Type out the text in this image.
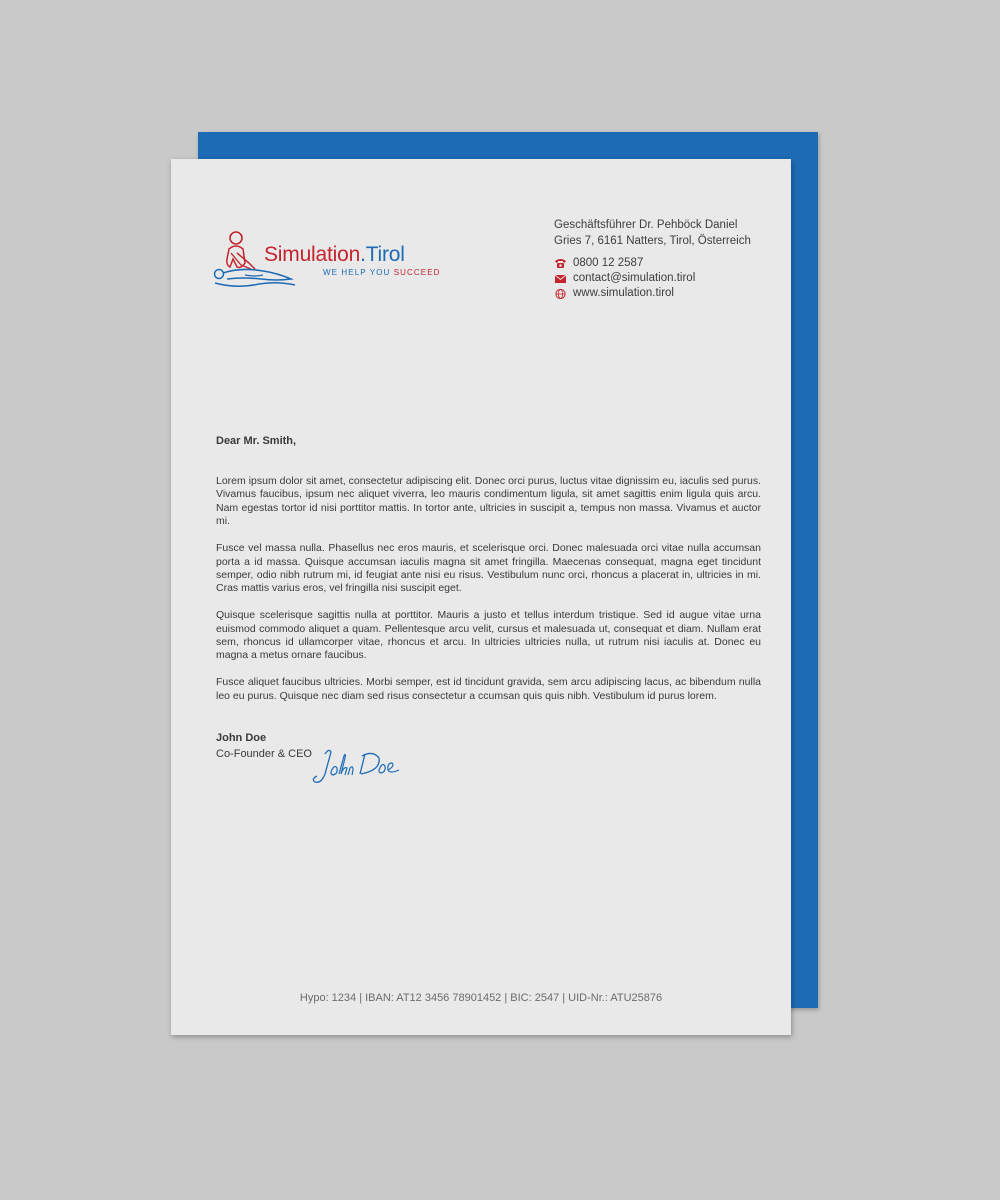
Simulation.Tirol
WE HELP YOU SUCCEED
Geschäftsführer Dr. Pehböck Daniel
Gries 7, 6161 Natters, Tirol, Österreich
0800 12 2587
contact@simulation.tirol
www.simulation.tirol
Dear Mr. Smith,

Lorem ipsum dolor sit amet, consectetur adipiscing elit. Donec orci purus, luctus vitae dignissim eu, iaculis sed purus. Vivamus faucibus, ipsum nec aliquet viverra, leo mauris condimentum ligula, sit amet sagittis enim ligula quis arcu. Nam egestas tortor id nisi porttitor mattis. In tortor ante, ultricies in suscipit a, tempus non massa. Vivamus et auctor mi.

Fusce vel massa nulla. Phasellus nec eros mauris, et scelerisque orci. Donec malesuada orci vitae nulla accumsan porta a id massa. Quisque accumsan iaculis magna sit amet fringilla. Maecenas consequat, magna eget tincidunt semper, odio nibh rutrum mi, id feugiat ante nisi eu risus. Vestibulum nunc orci, rhoncus a placerat in, ultricies in mi. Cras mattis varius eros, vel fringilla nisi suscipit eget.

Quisque scelerisque sagittis nulla at porttitor. Mauris a justo et tellus interdum tristique. Sed id augue vitae urna euismod commodo aliquet a quam. Pellentesque arcu velit, cursus et malesuada ut, consequat et diam. Nullam erat sem, rhoncus id ullamcorper vitae, rhoncus et arcu. In ultricies ultricies nulla, ut rutrum nisi iaculis at. Donec eu magna a metus ornare faucibus.

Fusce aliquet faucibus ultricies. Morbi semper, est id tincidunt gravida, sem arcu adipiscing lacus, ac bibendum nulla leo eu purus. Quisque nec diam sed risus consectetur a ccumsan quis quis nibh. Vestibulum id purus lorem.

John Doe
Co-Founder & CEO
Hypo: 1234 | IBAN: AT12 3456 78901452 | BIC: 2547 | UID-Nr.: ATU25876
